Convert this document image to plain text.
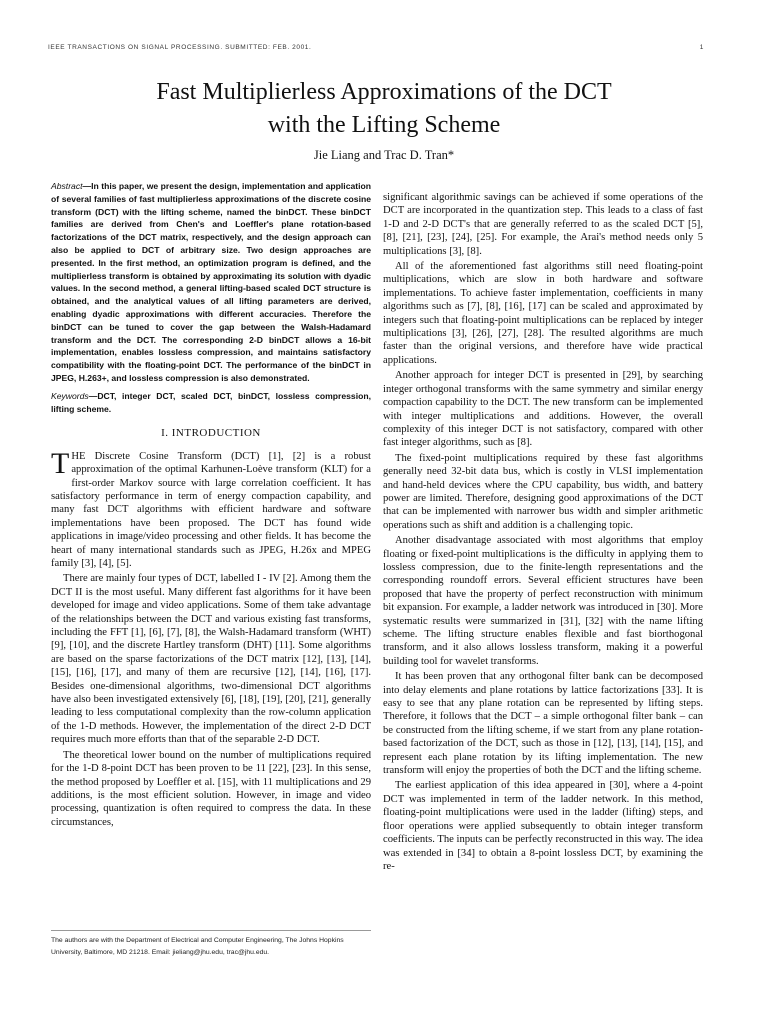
IEEE TRANSACTIONS ON SIGNAL PROCESSING. SUBMITTED: FEB. 2001.	1
Fast Multiplierless Approximations of the DCT
with the Lifting Scheme
Jie Liang and Trac D. Tran*

Abstract—In this paper, we present the design, implementation and application of several families of fast multiplierless approximations of the discrete cosine transform (DCT) with the lifting scheme, named the binDCT. These binDCT families are derived from Chen's and Loeffler's plane rotation-based factorizations of the DCT matrix, respectively, and the design approach can also be applied to DCT of arbitrary size. Two design approaches are presented. In the first method, an optimization program is defined, and the multiplierless transform is obtained by approximating its solution with dyadic values. In the second method, a general lifting-based scaled DCT structure is obtained, and the analytical values of all lifting parameters are derived, enabling dyadic approximations with different accuracies. Therefore the binDCT can be tuned to cover the gap between the Walsh-Hadamard transform and the DCT. The corresponding 2-D binDCT allows a 16-bit implementation, enables lossless compression, and maintains satisfactory compatibility with the floating-point DCT. The performance of the binDCT in JPEG, H.263+, and lossless compression is also demonstrated.

Keywords—DCT, integer DCT, scaled DCT, binDCT, lossless compression, lifting scheme.

I. INTRODUCTION

THE Discrete Cosine Transform (DCT) [1], [2] is a robust approximation of the optimal Karhunen-Loève transform (KLT) for a first-order Markov source with large correlation coefficient. It has satisfactory performance in term of energy compaction capability, and many fast DCT algorithms with efficient hardware and software implementations have been proposed. The DCT has found wide applications in image/video processing and other fields. It has become the heart of many international standards such as JPEG, H.26x and MPEG family [3], [4], [5].

There are mainly four types of DCT, labelled I - IV [2]. Among them the DCT II is the most useful. Many different fast algorithms for it have been developed for image and video applications. Some of them take advantage of the relationships between the DCT and various existing fast transforms, including the FFT [1], [6], [7], [8], the Walsh-Hadamard transform (WHT) [9], [10], and the discrete Hartley transform (DHT) [11]. Some algorithms are based on the sparse factorizations of the DCT matrix [12], [13], [14], [15], [16], [17], and many of them are recursive [12], [14], [16], [17]. Besides one-dimensional algorithms, two-dimensional DCT algorithms have also been investigated extensively [6], [18], [19], [20], [21], generally leading to less computational complexity than the row-column application of the 1-D methods. However, the implementation of the direct 2-D DCT requires much more efforts than that of the separable 2-D DCT.

The theoretical lower bound on the number of multiplications required for the 1-D 8-point DCT has been proven to be 11 [22], [23]. In this sense, the method proposed by Loeffler et al. [15], with 11 multiplications and 29 additions, is the most efficient solution. However, in image and video processing, quantization is often required to compress the data. In these circumstances,

significant algorithmic savings can be achieved if some operations of the DCT are incorporated in the quantization step. This leads to a class of fast 1-D and 2-D DCT's that are generally referred to as the scaled DCT [5], [8], [21], [23], [24], [25]. For example, the Arai's method needs only 5 multiplications [3], [8].

All of the aforementioned fast algorithms still need floating-point multiplications, which are slow in both hardware and software implementations. To achieve faster implementation, coefficients in many algorithms such as [7], [8], [16], [17] can be scaled and approximated by integers such that floating-point multiplications can be replaced by integer multiplications [3], [26], [27], [28]. The resulted algorithms are much faster than the original versions, and therefore have wide practical applications.

Another approach for integer DCT is presented in [29], by searching integer orthogonal transforms with the same symmetry and similar energy compaction capability to the DCT. The new transform can be implemented with integer multiplications and additions. However, the overall complexity of this integer DCT is not satisfactory, compared with other fast integer algorithms, such as [8].

The fixed-point multiplications required by these fast algorithms generally need 32-bit data bus, which is costly in VLSI implementation and hand-held devices where the CPU capability, bus width, and battery power are limited. Therefore, designing good approximations of the DCT that can be implemented with narrower bus width and simpler arithmetic operations such as shift and addition is a challenging topic.

Another disadvantage associated with most algorithms that employ floating or fixed-point multiplications is the difficulty in applying them to lossless compression, due to the finite-length representations and the corresponding roundoff errors. Several efficient structures have been proposed that have the property of perfect reconstruction with minimum bit expansion. For example, a ladder network was introduced in [30]. More systematic results were summarized in [31], [32] with the name lifting scheme. The lifting structure enables flexible and fast biorthogonal transform, and it also allows lossless transform, making it a powerful building tool for wavelet transforms.

It has been proven that any orthogonal filter bank can be decomposed into delay elements and plane rotations by lattice factorizations [33]. It is easy to see that any plane rotation can be represented by lifting steps. Therefore, it follows that the DCT – a simple orthogonal filter bank – can be constructed from the lifting scheme, if we start from any plane rotation-based factorization of the DCT, such as those in [12], [13], [14], [15], and represent each plane rotation by its lifting implementation. The new transform will enjoy the properties of both the DCT and the lifting scheme.

The earliest application of this idea appeared in [30], where a 4-point DCT was implemented in term of the ladder network. In this method, floating-point multiplications were used in the ladder (lifting) steps, and floor operations were applied subsequently to obtain integer transform coefficients. The inputs can be perfectly reconstructed in this way. The idea was extended in [34] to obtain a 8-point lossless DCT, by examining the re-

The authors are with the Department of Electrical and Computer Engineering, The Johns Hopkins University, Baltimore, MD 21218. Email: jieliang@jhu.edu, trac@jhu.edu.
